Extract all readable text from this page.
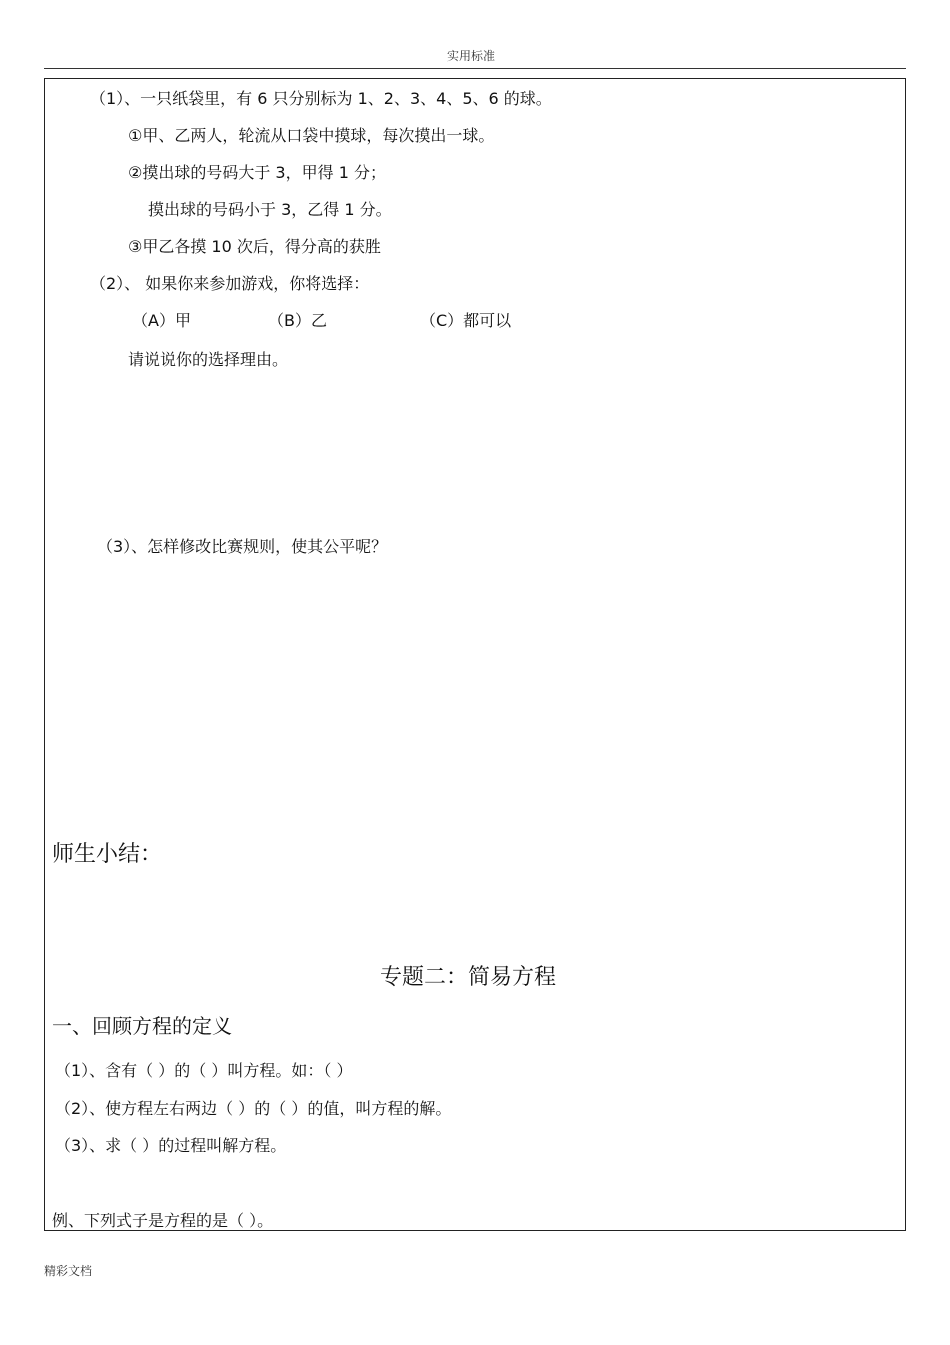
实用标准
（1）、一只纸袋里，有 6 只分别标为 1、2、3、4、5、6 的球。
①甲、乙两人，轮流从口袋中摸球，每次摸出一球。
②摸出球的号码大于 3，甲得 1 分；
摸出球的号码小于 3，乙得 1 分。
③甲乙各摸 10 次后，得分高的获胜
（2）、 如果你来参加游戏，你将选择：
（A）甲	（B）乙	（C）都可以
请说说你的选择理由。
（3）、怎样修改比赛规则，使其公平呢？
师生小结：
专题二：简易方程
一、回顾方程的定义
（1）、含有（ ）的（ ）叫方程。如：（ ）
（2）、使方程左右两边（ ）的（ ）的值，叫方程的解。
（3）、求（ ）的过程叫解方程。
例、下列式子是方程的是（ ）。
精彩文档
